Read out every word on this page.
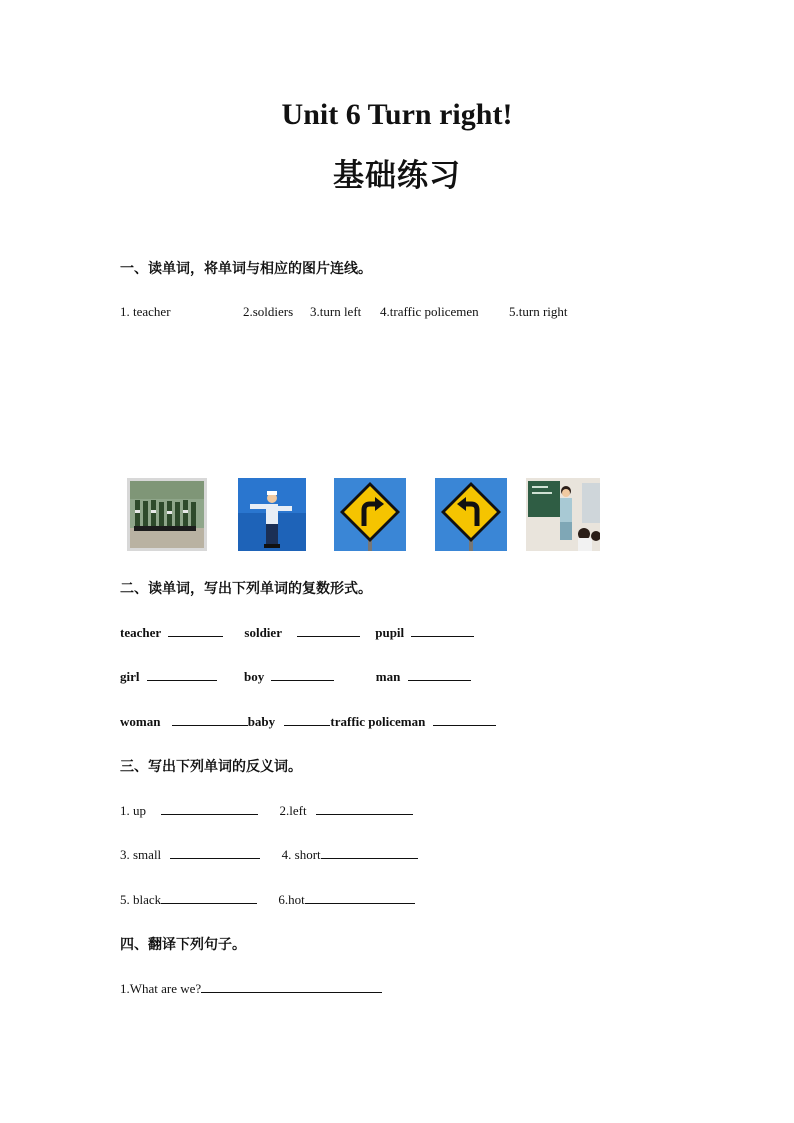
Unit 6 Turn right!
基础练习
一、读单词，将单词与相应的图片连线。
1. teacher	2.soldiers 3.turn left 4.traffic policemen 5.turn right
二、读单词，写出下列单词的复数形式。
teacher	soldier	pupil
girl	boy	man
woman	baby	traffic policeman
三、写出下列单词的反义词。
1. up	2.left
3. small	4. short
5. black	6.hot
四、翻译下列句子。
1.What are we?
